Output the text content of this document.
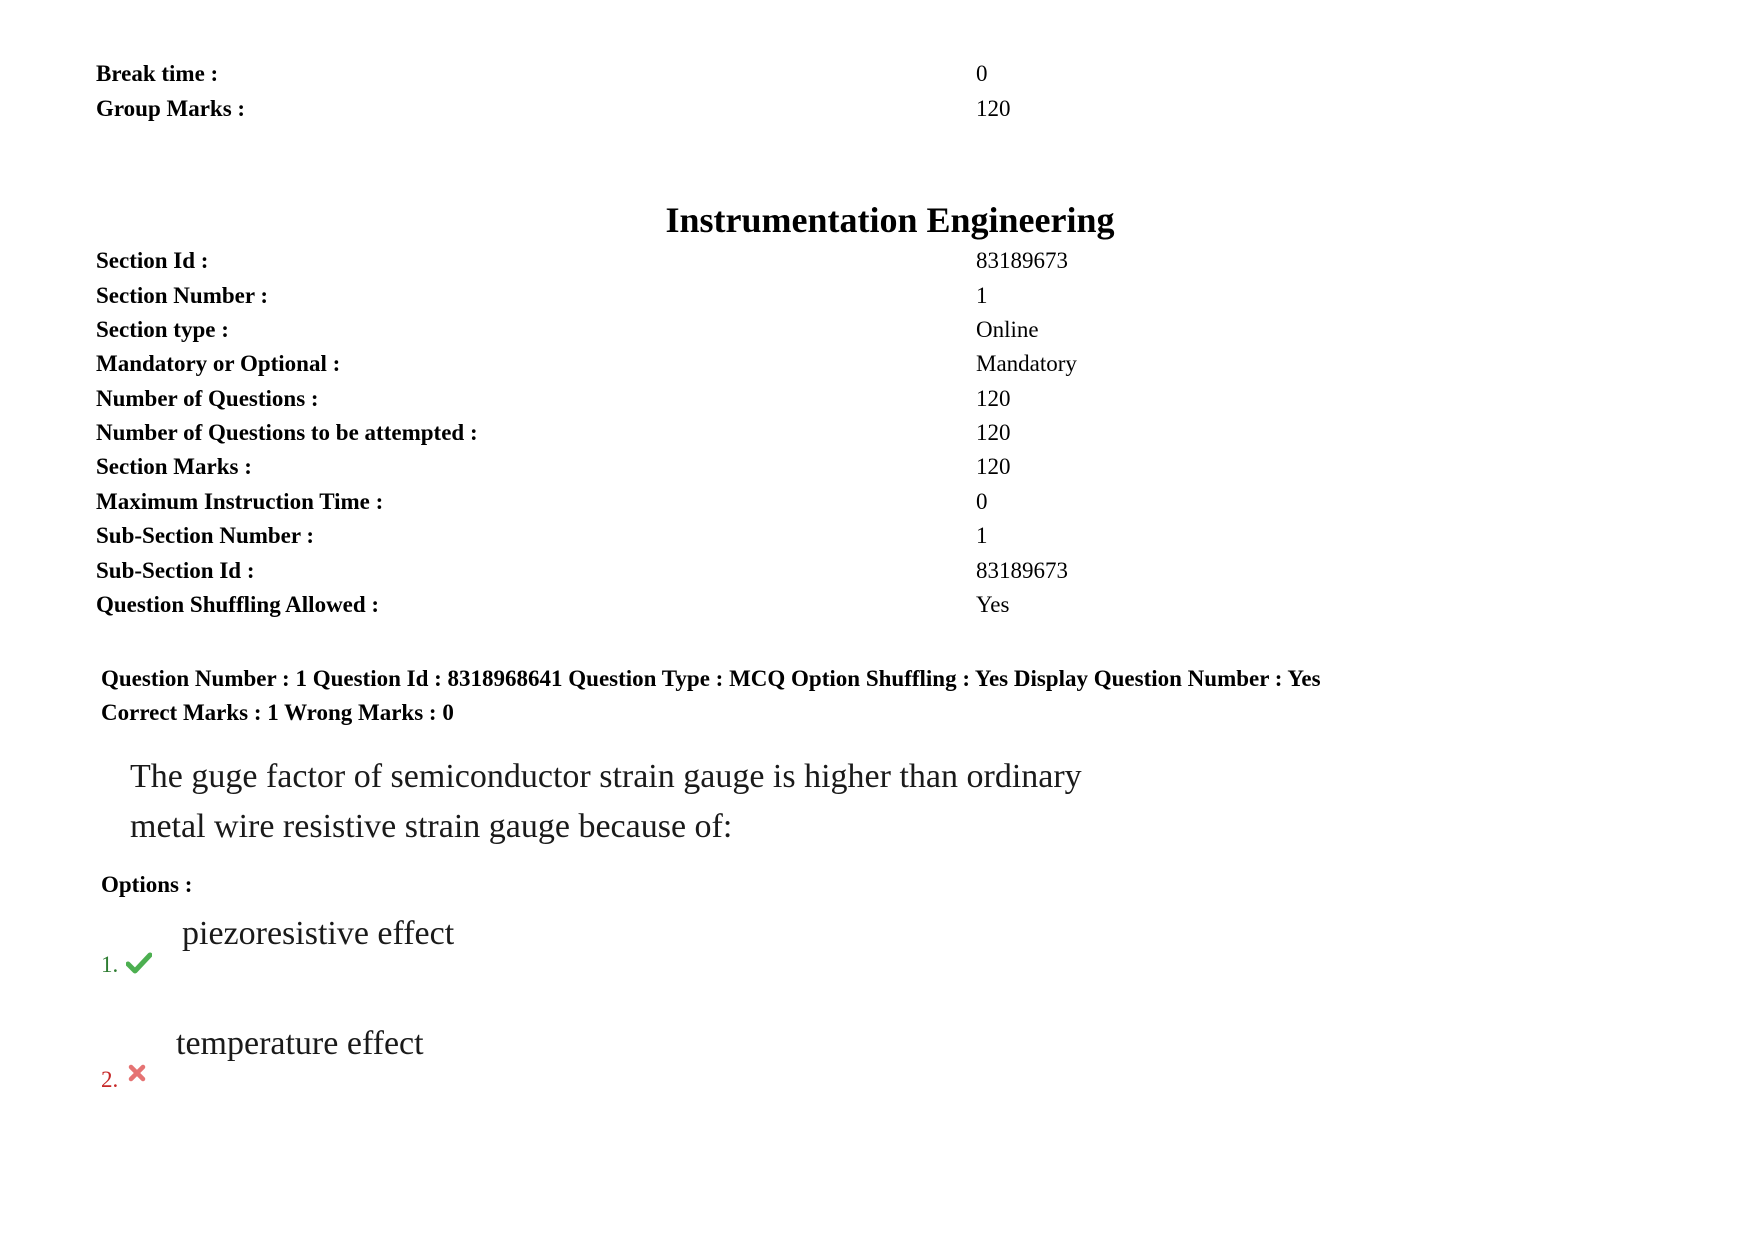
Break time :	0
Group Marks :	120
Instrumentation Engineering
Section Id :	83189673
Section Number :	1
Section type :	Online
Mandatory or Optional :	Mandatory
Number of Questions :	120
Number of Questions to be attempted :	120
Section Marks :	120
Maximum Instruction Time :	0
Sub-Section Number :	1
Sub-Section Id :	83189673
Question Shuffling Allowed :	Yes
Question Number : 1 Question Id : 8318968641 Question Type : MCQ Option Shuffling : Yes Display Question Number : Yes
Correct Marks : 1 Wrong Marks : 0
The guge factor of semiconductor strain gauge is higher than ordinary
metal wire resistive strain gauge because of:
Options :
1.
piezoresistive effect
2.
temperature effect
